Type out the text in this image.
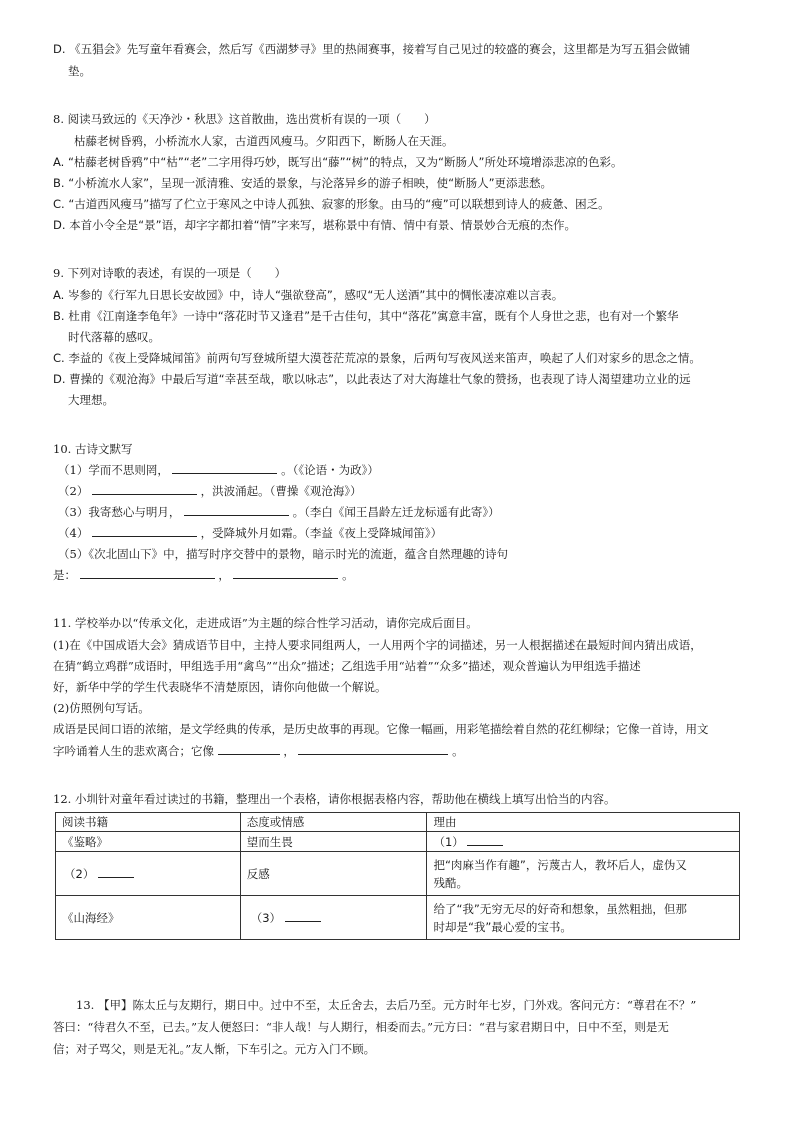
D. 《五猖会》先写童年看赛会，然后写《西湖梦寻》里的热闹赛事，接着写自己见过的较盛的赛会，这里都是为写五猖会做铺
垫。
8. 阅读马致远的《天净沙・秋思》这首散曲，选出赏析有误的一项（　　）
枯藤老树昏鸦，小桥流水人家，古道西风瘦马。夕阳西下，断肠人在天涯。
A. “枯藤老树昏鸦”中“枯”“老”二字用得巧妙，既写出“藤”“树”的特点，又为“断肠人”所处环境增添悲凉的色彩。
B. “小桥流水人家”，呈现一派清雅、安适的景象，与沦落异乡的游子相映，使“断肠人”更添悲愁。
C. “古道西风瘦马”描写了伫立于寒风之中诗人孤独、寂寥的形象。由马的“瘦”可以联想到诗人的疲惫、困乏。
D. 本首小令全是“景”语，却字字都扣着“情”字来写，堪称景中有情、情中有景、情景妙合无痕的杰作。
9. 下列对诗歌的表述，有误的一项是（　　）
A. 岑参的《行军九日思长安故园》中，诗人“强欲登高”，感叹“无人送酒”其中的惆怅凄凉难以言表。
B. 杜甫《江南逢李龟年》一诗中“落花时节又逢君”是千古佳句，其中“落花”寓意丰富，既有个人身世之悲，也有对一个繁华
时代落幕的感叹。
C. 李益的《夜上受降城闻笛》前两句写登城所望大漠苍茫荒凉的景象，后两句写夜风送来笛声，唤起了人们对家乡的思念之情。
D. 曹操的《观沧海》中最后写道“幸甚至哉，歌以咏志”，以此表达了对大海雄壮气象的赞扬，也表现了诗人渴望建功立业的远
大理想。
10. 古诗文默写
（1）学而不思则罔，	。（《论语・为政》）
（2）	，洪波涌起。（曹操《观沧海》）
（3）我寄愁心与明月，	。（李白《闻王昌龄左迁龙标遥有此寄》）
（4）	，受降城外月如霜。（李益《夜上受降城闻笛》）
（5）《次北固山下》中，描写时序交替中的景物，暗示时光的流逝，蕴含自然理趣的诗句
是：	，	。
11. 学校举办以“传承文化，走进成语”为主题的综合性学习活动，请你完成后面目。
(1)在《中国成语大会》猜成语节目中，主持人要求同组两人，一人用两个字的词描述，另一人根据描述在最短时间内猜出成语，
在猜“鹤立鸡群”成语时，甲组选手用“禽鸟”“出众”描述；乙组选手用“站着”“众多”描述，观众普遍认为甲组选手描述
好，新华中学的学生代表晓华不清楚原因，请你向他做一个解说。
(2)仿照例句写话。
成语是民间口语的浓缩，是文学经典的传承，是历史故事的再现。它像一幅画，用彩笔描绘着自然的花红柳绿；它像一首诗，用文
字吟诵着人生的悲欢离合；它像	，	。
12. 小圳针对童年看过读过的书籍，整理出一个表格，请你根据表格内容，帮助他在横线上填写出恰当的内容。
阅读书籍	态度或情感	理由
《鉴略》	望而生畏	（1）
（2）	反感	把“肉麻当作有趣”，污蔑古人，教坏后人，虚伪又
残酷。

《山海经》	（3）	给了“我”无穷无尽的好奇和想象，虽然粗拙，但那
时却是“我”最心爱的宝书。
13. 【甲】陈太丘与友期行，期日中。过中不至，太丘舍去，去后乃至。元方时年七岁，门外戏。客问元方：“尊君在不？”
答曰：“待君久不至，已去。”友人便怒曰：“非人哉！与人期行，相委而去。”元方曰：“君与家君期日中，日中不至，则是无
信；对子骂父，则是无礼。”友人惭，下车引之。元方入门不顾。
